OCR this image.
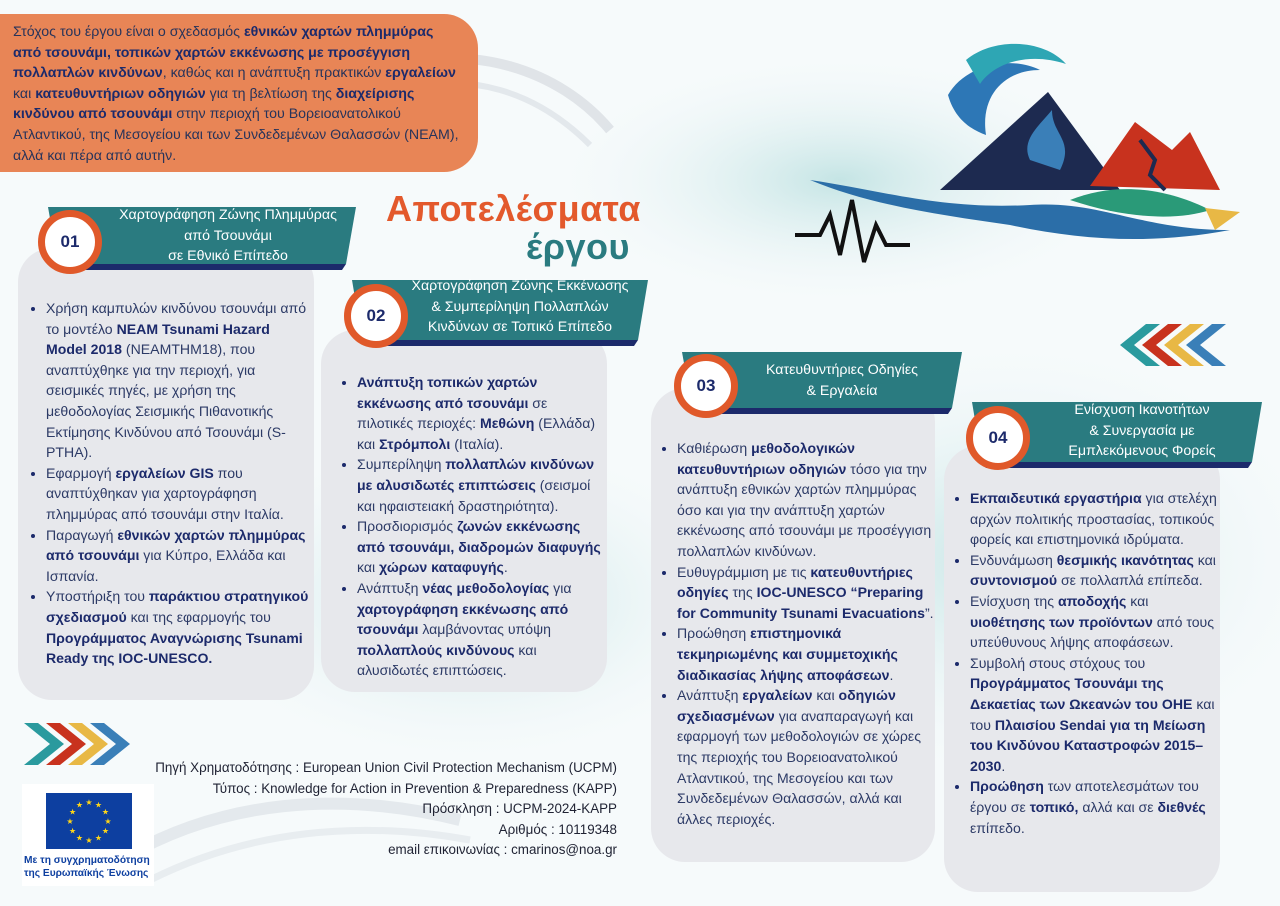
Στόχος του έργου είναι ο σχεδασμός εθνικών χαρτών πλημμύρας από τσουνάμι, τοπικών χαρτών εκκένωσης με προσέγγιση πολλαπλών κινδύνων, καθώς και η ανάπτυξη πρακτικών εργαλείων και κατευθυντήριων οδηγιών για τη βελτίωση της διαχείρισης κινδύνου από τσουνάμι στην περιοχή του Βορειοανατολικού Ατλαντικού, της Μεσογείου και των Συνδεδεμένων Θαλασσών (NEAM), αλλά και πέρα από αυτήν.
Αποτελέσματα
έργου
• Χρήση καμπυλών κινδύνου τσουνάμι από το μοντέλο NEAM Tsunami Hazard Model 2018 (NEAMTHM18), που αναπτύχθηκε για την περιοχή, για σεισμικές πηγές, με χρήση της μεθοδολογίας Σεισμικής Πιθανοτικής Εκτίμησης Κινδύνου από Τσουνάμι (S-PTHA).
• Εφαρμογή εργαλείων GIS που αναπτύχθηκαν για χαρτογράφηση πλημμύρας από τσουνάμι στην Ιταλία.
• Παραγωγή εθνικών χαρτών πλημμύρας από τσουνάμι για Κύπρο, Ελλάδα και Ισπανία.
• Υποστήριξη του παράκτιου στρατηγικού σχεδιασμού και της εφαρμογής του Προγράμματος Αναγνώρισης Tsunami Ready της IOC-UNESCO.
Χαρτογράφηση Ζώνης Πλημμύρας
από Τσουνάμι
σε Εθνικό Επίπεδο
01
• Ανάπτυξη τοπικών χαρτών εκκένωσης από τσουνάμι σε πιλοτικές περιοχές: Μεθώνη (Ελλάδα) και Στρόμπολι (Ιταλία).
• Συμπερίληψη πολλαπλών κινδύνων με αλυσιδωτές επιπτώσεις (σεισμοί και ηφαιστειακή δραστηριότητα).
• Προσδιορισμός ζωνών εκκένωσης από τσουνάμι, διαδρομών διαφυγής και χώρων καταφυγής.
• Ανάπτυξη νέας μεθοδολογίας για χαρτογράφηση εκκένωσης από τσουνάμι λαμβάνοντας υπόψη πολλαπλούς κινδύνους και αλυσιδωτές επιπτώσεις.
Χαρτογράφηση Ζώνης Εκκένωσης
& Συμπερίληψη Πολλαπλών
Κινδύνων σε Τοπικό Επίπεδο
02
• Καθιέρωση μεθοδολογικών κατευθυντήριων οδηγιών τόσο για την ανάπτυξη εθνικών χαρτών πλημμύρας όσο και για την ανάπτυξη χαρτών εκκένωσης από τσουνάμι με προσέγγιση πολλαπλών κινδύνων.
• Ευθυγράμμιση με τις κατευθυντήριες οδηγίες της IOC-UNESCO “Preparing for Community Tsunami Evacuations”.
• Προώθηση επιστημονικά τεκμηριωμένης και συμμετοχικής διαδικασίας λήψης αποφάσεων.
• Ανάπτυξη εργαλείων και οδηγιών σχεδιασμένων για αναπαραγωγή και εφαρμογή των μεθοδολογιών σε χώρες της περιοχής του Βορειοανατολικού Ατλαντικού, της Μεσογείου και των Συνδεδεμένων Θαλασσών, αλλά και άλλες περιοχές.
Κατευθυντήριες Οδηγίες
& Εργαλεία
03
• Εκπαιδευτικά εργαστήρια για στελέχη αρχών πολιτικής προστασίας, τοπικούς φορείς και επιστημονικά ιδρύματα.
• Ενδυνάμωση θεσμικής ικανότητας και συντονισμού σε πολλαπλά επίπεδα.
• Ενίσχυση της αποδοχής και υιοθέτησης των προϊόντων από τους υπεύθυνους λήψης αποφάσεων.
• Συμβολή στους στόχους του Προγράμματος Τσουνάμι της Δεκαετίας των Ωκεανών του ΟΗΕ και του Πλαισίου Sendai για τη Μείωση του Κινδύνου Καταστροφών 2015–2030.
• Προώθηση των αποτελεσμάτων του έργου σε τοπικό, αλλά και σε διεθνές επίπεδο.
Ενίσχυση Ικανοτήτων
& Συνεργασία με
Εμπλεκόμενους Φορείς
04
Πηγή Χρηματοδότησης : European Union Civil Protection Mechanism (UCPM)
Τύπος : Knowledge for Action in Prevention & Preparedness (KAPP)
Πρόσκληση : UCPM-2024-KAPP
Αριθμός : 10119348
email επικοινωνίας : cmarinos@noa.gr
★
★
★
★
★
★
★
★
★ ★ ★
★
Με τη συγχρηματοδότηση
της Ευρωπαϊκής Ένωσης
